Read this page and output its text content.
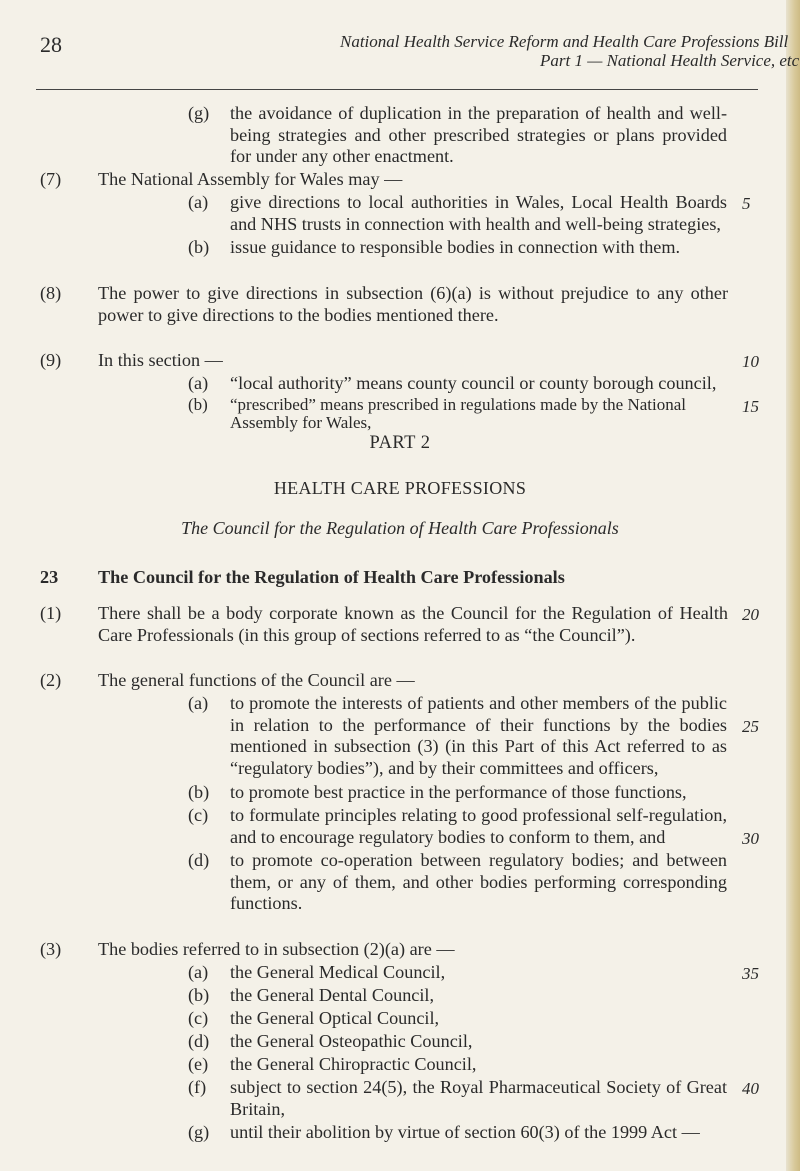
28	National Health Service Reform and Health Care Professions Bill
Part 1 — National Health Service, etc
(g) the avoidance of duplication in the preparation of health and well-being strategies and other prescribed strategies or plans provided for under any other enactment.
(7) The National Assembly for Wales may —
(a) give directions to local authorities in Wales, Local Health Boards and NHS trusts in connection with health and well-being strategies,
(b) issue guidance to responsible bodies in connection with them.
(8) The power to give directions in subsection (6)(a) is without prejudice to any other power to give directions to the bodies mentioned there.
(9) In this section —
(a) “local authority” means county council or county borough council,
PART 2
HEALTH CARE PROFESSIONS
The Council for the Regulation of Health Care Professionals
23	The Council for the Regulation of Health Care Professionals
(1) There shall be a body corporate known as the Council for the Regulation of Health Care Professionals (in this group of sections referred to as “the Council”).
(2) The general functions of the Council are —
(a) to promote the interests of patients and other members of the public in relation to the performance of their functions by the bodies mentioned in subsection (3) (in this Part of this Act referred to as “regulatory bodies”), and by their committees and officers,
(b) to promote best practice in the performance of those functions,
(c) to formulate principles relating to good professional self-regulation, and to encourage regulatory bodies to conform to them, and
(d) to promote co-operation between regulatory bodies; and between them, or any of them, and other bodies performing corresponding functions.
(3) The bodies referred to in subsection (2)(a) are —
(a) the General Medical Council,
(b) the General Dental Council,
(c) the General Optical Council,
(d) the General Osteopathic Council,
(e) the General Chiropractic Council,
(f) subject to section 24(5), the Royal Pharmaceutical Society of Great Britain,
(g) until their abolition by virtue of section 60(3) of the 1999 Act —
5
10
15
20
25
30
35
40
(b) “prescribed” means prescribed in regulations made by the National Assembly for Wales,
